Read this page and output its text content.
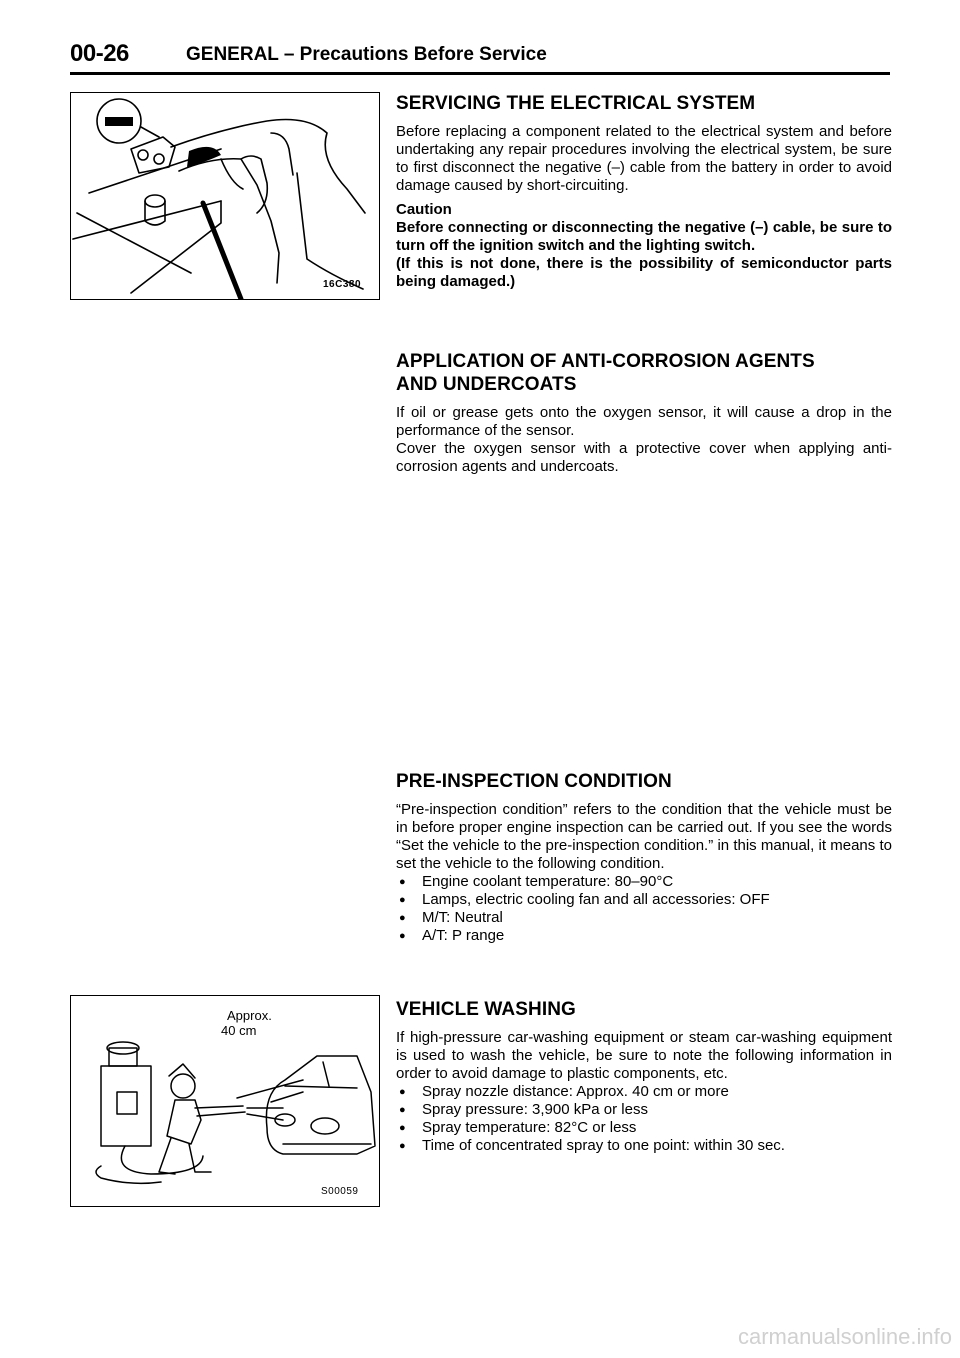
00-26	GENERAL – Precautions Before Service
16C380
Approx.
40 cm
S00059
SERVICING THE ELECTRICAL SYSTEM

Before replacing a component related to the electrical system and before undertaking any repair procedures involving the electrical system, be sure to first disconnect the negative (–) cable from the battery in order to avoid damage caused by short-circuiting.

Caution
Before connecting or disconnecting the negative (–) cable, be sure to turn off the ignition switch and the lighting switch.
(If this is not done, there is the possibility of semiconductor parts being damaged.)
APPLICATION OF ANTI-CORROSION AGENTS
AND UNDERCOATS

If oil or grease gets onto the oxygen sensor, it will cause a drop in the performance of the sensor.

Cover the oxygen sensor with a protective cover when applying anti-corrosion agents and undercoats.

PRE-INSPECTION CONDITION

“Pre-inspection condition” refers to the condition that the vehicle must be in before proper engine inspection can be carried out. If you see the words “Set the vehicle to the pre-inspection condition.” in this manual, it means to set the vehicle to the following condition.

● Engine coolant temperature: 80–90°C
● Lamps, electric cooling fan and all accessories: OFF
● M/T: Neutral
● A/T: P range
VEHICLE WASHING

If high-pressure car-washing equipment or steam car-washing equipment is used to wash the vehicle, be sure to note the following information in order to avoid damage to plastic components, etc.

● Spray nozzle distance: Approx. 40 cm or more
● Spray pressure: 3,900 kPa or less
● Spray temperature: 82°C or less
● Time of concentrated spray to one point: within 30 sec.
carmanualsonline.info
